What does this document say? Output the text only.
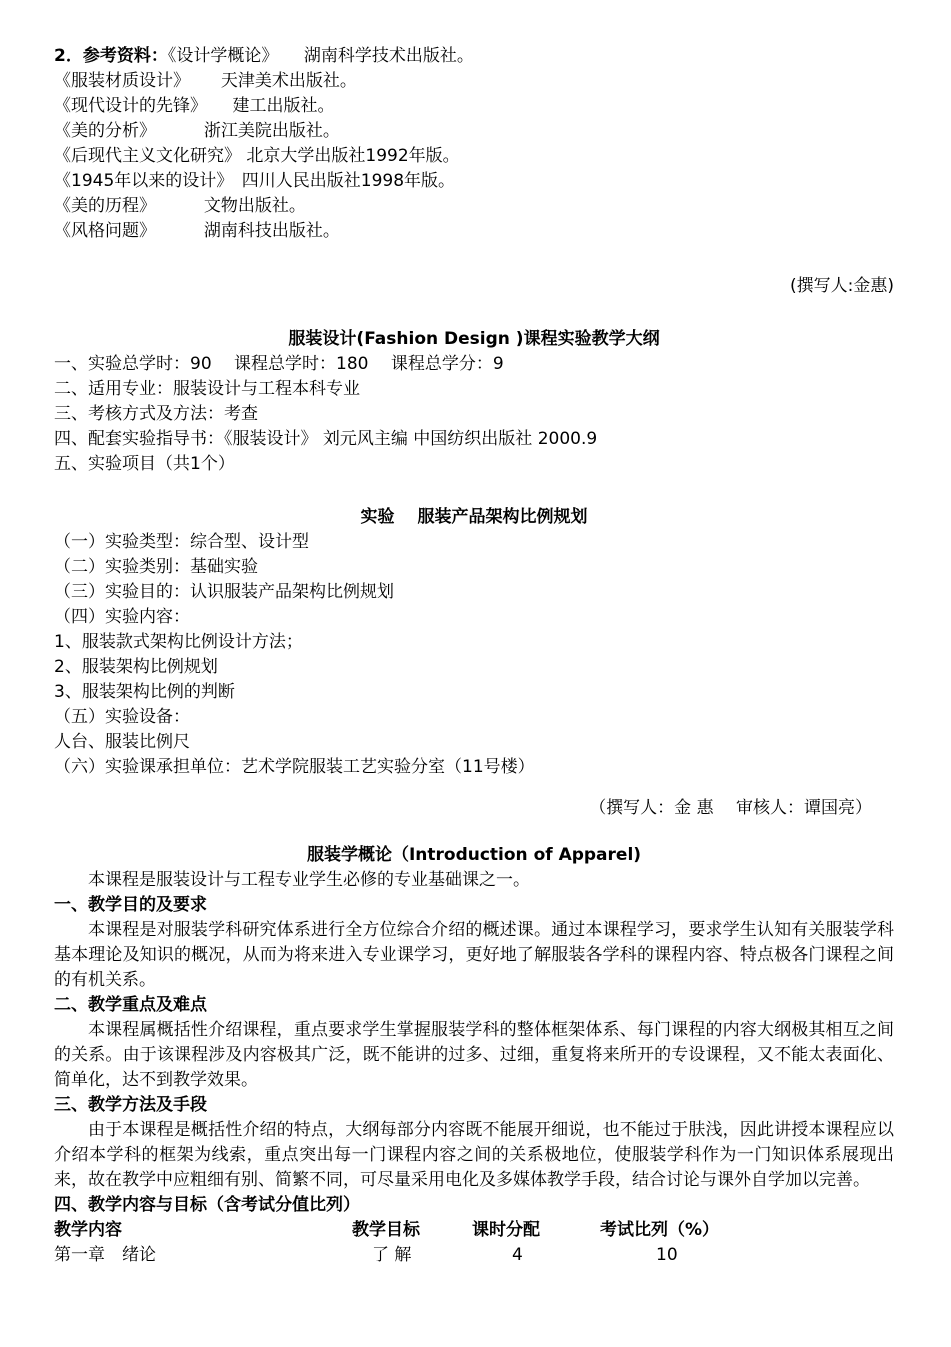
2．参考资料：《设计学概论》　　湖南科学技术出版社。
《服装材质设计》　　 天津美术出版社。
《现代设计的先锋》　　建工出版社。
《美的分析》　　　 浙江美院出版社。
《后现代主义文化研究》 北京大学出版社1992年版。
《1945年以来的设计》　四川人民出版社1998年版。
《美的历程》　　　 文物出版社。
《风格问题》　　　 湖南科技出版社。
(撰写人:金惠)
服装设计(Fashion Design )课程实验教学大纲
一、实验总学时：90　 课程总学时：180　 课程总学分：9
二、适用专业：服装设计与工程本科专业
三、考核方式及方法：考查
四、配套实验指导书：《服装设计》 刘元风主编 中国纺织出版社 2000.9
五、实验项目（共1个）
实验　 服装产品架构比例规划
（一）实验类型：综合型、设计型
（二）实验类别：基础实验
（三）实验目的：认识服装产品架构比例规划
（四）实验内容：
1、服装款式架构比例设计方法；
2、服装架构比例规划
3、服装架构比例的判断
（五）实验设备：
人台、服装比例尺
（六）实验课承担单位：艺术学院服装工艺实验分室（11号楼）
（撰写人：金 惠　 审核人：谭国亮）
服装学概论（Introduction of Apparel)
本课程是服装设计与工程专业学生必修的专业基础课之一。
一、教学目的及要求
本课程是对服装学科研究体系进行全方位综合介绍的概述课。通过本课程学习，要求学生认知有关服装学科基本理论及知识的概况，从而为将来进入专业课学习，更好地了解服装各学科的课程内容、特点极各门课程之间的有机关系。
二、教学重点及难点
本课程属概括性介绍课程，重点要求学生掌握服装学科的整体框架体系、每门课程的内容大纲极其相互之间的关系。由于该课程涉及内容极其广泛，既不能讲的过多、过细，重复将来所开的专设课程，又不能太表面化、简单化，达不到教学效果。
三、教学方法及手段
由于本课程是概括性介绍的特点，大纲每部分内容既不能展开细说，也不能过于肤浅，因此讲授本课程应以介绍本学科的框架为线索，重点突出每一门课程内容之间的关系极地位，使服装学科作为一门知识体系展现出来，故在教学中应粗细有别、简繁不同，可尽量采用电化及多媒体教学手段，结合讨论与课外自学加以完善。
四、教学内容与目标（含考试分值比列）
教学内容	教学目标	课时分配	考试比列（%）
第一章　绪论	了 解	4	10
